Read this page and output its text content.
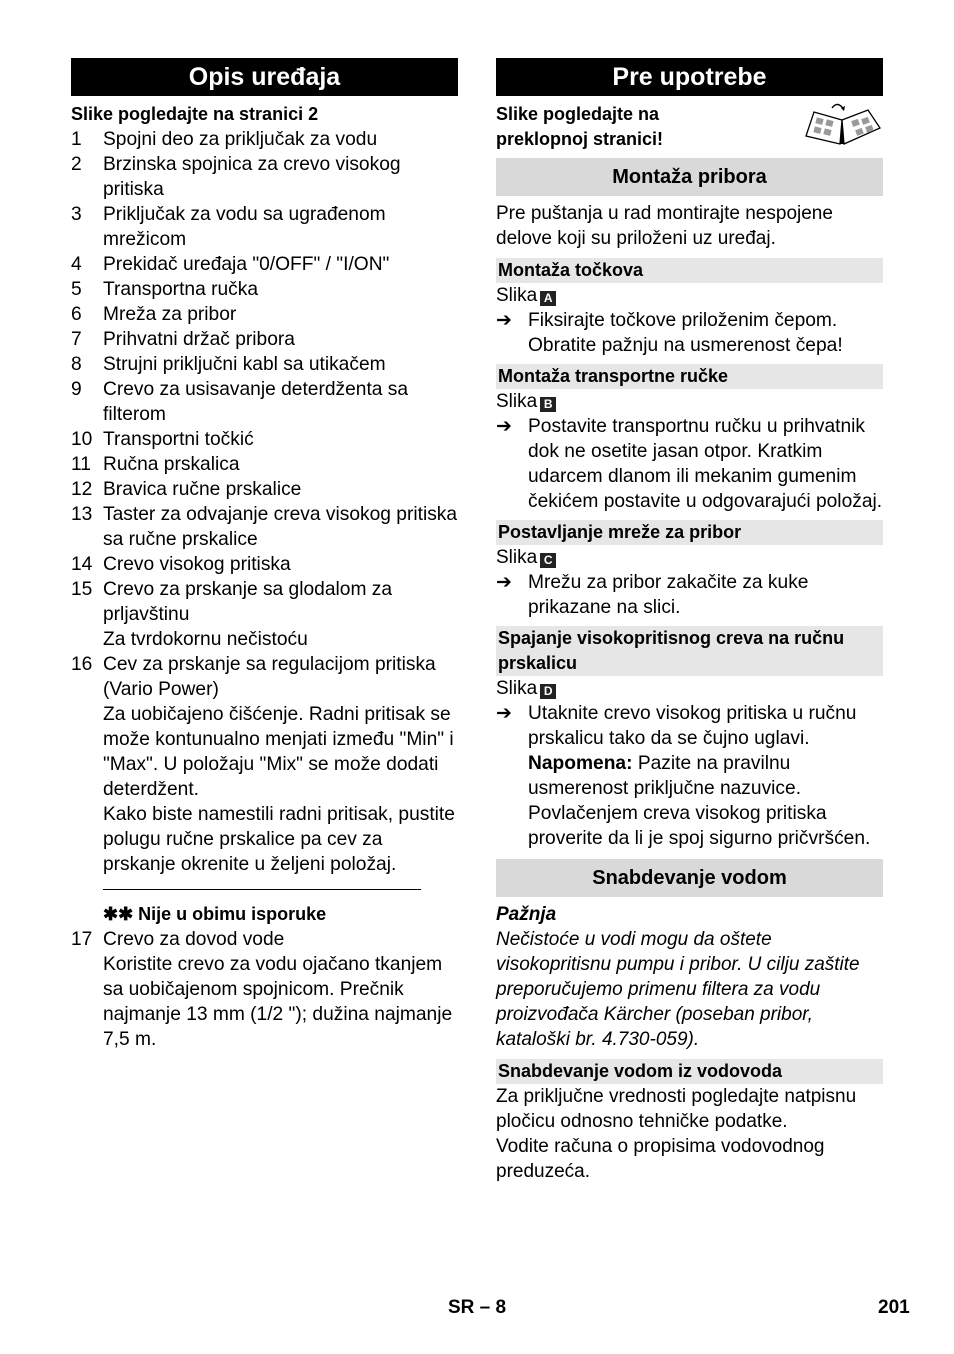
Opis uređaja
Slike pogledajte na stranici 2
1	Spojni deo za priključak za vodu
2	Brzinska spojnica za crevo visokog pritiska
3	Priključak za vodu sa ugrađenom mrežicom
4	Prekidač uređaja "0/OFF" / "I/ON"
5	Transportna ručka
6	Mreža za pribor
7	Prihvatni držač pribora
8	Strujni priključni kabl sa utikačem
9	Crevo za usisavanje deterdženta sa filterom
10 Transportni točkić
11 Ručna prskalica
12 Bravica ručne prskalice
13 Taster za odvajanje creva visokog pritiska sa ručne prskalice
14 Crevo visokog pritiska
15 Crevo za prskanje sa glodalom za prljavštinu
Za tvrdokornu nečistoću
16 Cev za prskanje sa regulacijom pritiska (Vario Power)
Za uobičajeno čišćenje. Radni pritisak se može kontunualno menjati između "Min" i "Max". U položaju "Mix" se može dodati deterdžent.
Kako biste namestili radni pritisak, pustite polugu ručne prskalice pa cev za prskanje okrenite u željeni položaj.
✱✱ Nije u obimu isporuke
17 Crevo za dovod vode
Koristite crevo za vodu ojačano tkanjem sa uobičajenom spojnicom. Prečnik najmanje 13 mm (1/2 "); dužina najmanje 7,5 m.
Pre upotrebe
Slike pogledajte na preklopnoj stranici!
Montaža pribora
Pre puštanja u rad montirajte nespojene delove koji su priloženi uz uređaj.
Montaža točkova
Slika A
➔ Fiksirajte točkove priloženim čepom. Obratite pažnju na usmerenost čepa!
Montaža transportne ručke
Slika B
➔ Postavite transportnu ručku u prihvatnik dok ne osetite jasan otpor. Kratkim udarcem dlanom ili mekanim gumenim čekićem postavite u odgovarajući položaj.
Postavljanje mreže za pribor
Slika C
➔ Mrežu za pribor zakačite za kuke prikazane na slici.
Spajanje visokopritisnog creva na ručnu prskalicu
Slika D
➔ Utaknite crevo visokog pritiska u ručnu prskalicu tako da se čujno uglavi.
Napomena: Pazite na pravilnu usmerenost priključne nazuvice.
Povlačenjem creva visokog pritiska proverite da li je spoj sigurno pričvršćen.
Snabdevanje vodom
Pažnja
Nečistoće u vodi mogu da oštete visokopritisnu pumpu i pribor. U cilju zaštite preporučujemo primenu filtera za vodu proizvođača Kärcher (poseban pribor, kataloški br. 4.730-059).
Snabdevanje vodom iz vodovoda
Za priključne vrednosti pogledajte natpisnu pločicu odnosno tehničke podatke.
Vodite računa o propisima vodovodnog preduzeća.
SR – 8	201
